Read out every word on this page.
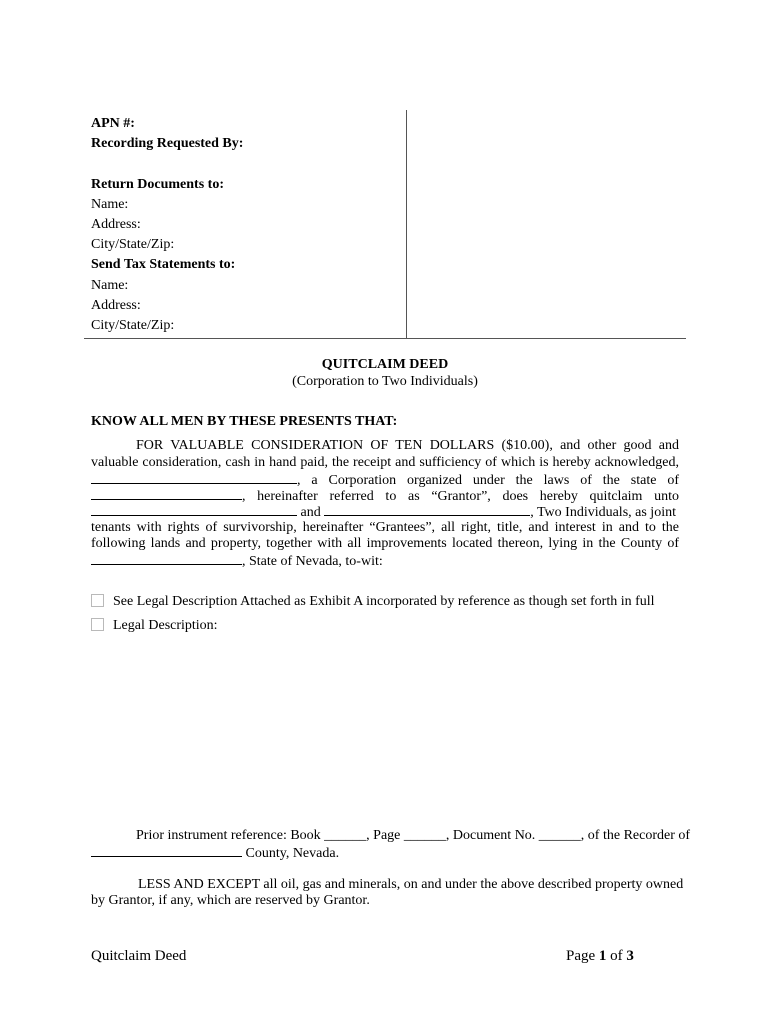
APN #:
Recording Requested By:
Return Documents to:
Name:
Address:
City/State/Zip:
Send Tax Statements to:
Name:
Address:
City/State/Zip:
QUITCLAIM DEED
(Corporation to Two Individuals)
KNOW ALL MEN BY THESE PRESENTS THAT:
FOR VALUABLE CONSIDERATION OF TEN DOLLARS ($10.00), and other good and
valuable consideration, cash in hand paid, the receipt and sufficiency of which is hereby acknowledged,
, a Corporation organized under the laws of the state of
, hereinafter referred to as “Grantor”, does hereby quitclaim unto
and	, Two Individuals, as joint
tenants with rights of survivorship, hereinafter “Grantees”, all right, title, and interest in and to the
following lands and property, together with all improvements located thereon, lying in the County of
, State of Nevada, to-wit:
See Legal Description Attached as Exhibit A incorporated by reference as though set forth in full
Legal Description:
Prior instrument reference: Book ______, Page ______, Document No. ______, of the Recorder of
County, Nevada.
LESS AND EXCEPT all oil, gas and minerals, on and under the above described property owned
by Grantor, if any, which are reserved by Grantor.
Quitclaim Deed	Page 1 of 3
